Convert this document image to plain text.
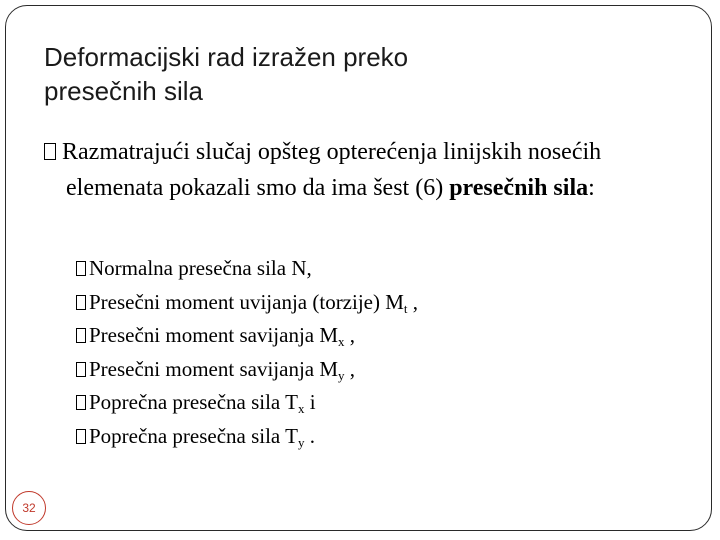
Deformacijski rad izražen preko
presečnih sila

Razmatrajući slučaj opšteg opterećenja linijskih nosećih elemenata pokazali smo da ima šest (6) presečnih sila:

Normalna presečna sila N,
Presečni moment uvijanja (torzije) $M_t$ ,
Presečni moment savijanja $M_x$ ,
Presečni moment savijanja $M_y$ ,
Poprečna presečna sila $T_x$ i
Poprečna presečna sila $T_y$ .
32
